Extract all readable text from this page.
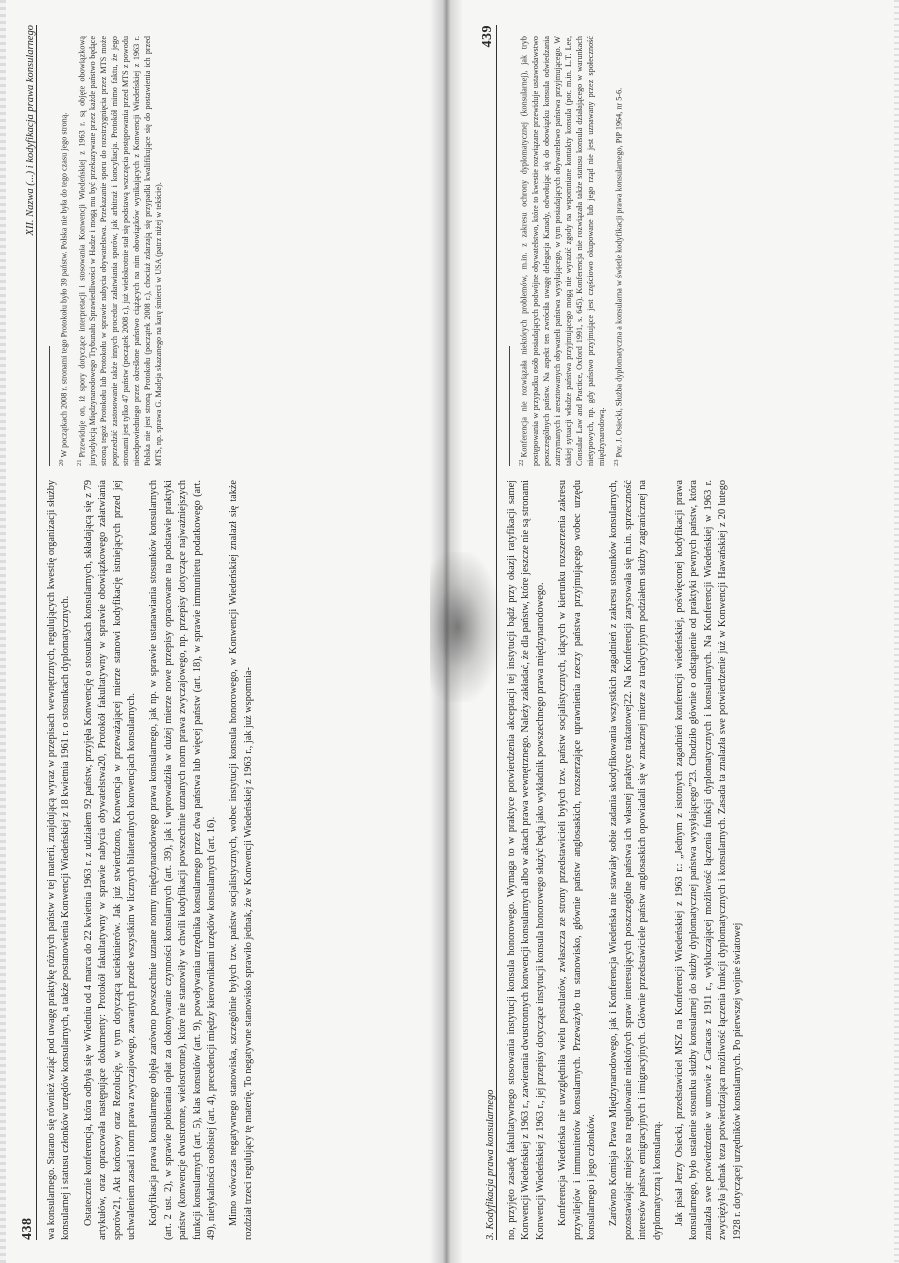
438
XII. Nazwa (...) i kodyfikacja prawa konsularnego

wa konsularnego. Starano się również wziąć pod uwagę praktykę różnych państw w tej materii, znajdującą wyraz w przepisach wewnętrznych, regulujących kwestię organizacji służby konsularnej i statusu członków urzędów konsularnych, a także postanowienia Konwencji Wiedeńskiej z 18 kwietnia 1961 r. o stosunkach dyplomatycznych. Ostatecznie konferencja, która odbyła się w Wiedniu od 4 marca do 22 kwietnia 1963 r. z udziałem 92 państw, przyjęła Konwencję o stosunkach konsularnych, składającą się z 79 artykułów, oraz opracowała następujące dokumenty: Protokół fakultatywny w sprawie nabycia obywatelstwa20, Protokół fakultatywny w sprawie obowiązkowego załatwiania sporów21, Akt końcowy oraz Rezolucję, w tym dotyczącą uciekinierów. Jak już stwierdzono, Konwencja w przeważającej mierze stanowi kodyfikację istniejących przed jej uchwaleniem zasad i norm prawa zwyczajowego, zawartych przede wszystkim w licznych bilateralnych konwencjach konsularnych. Kodyfikacja prawa konsularnego objęła zarówno powszechnie uznane normy międzynarodowego prawa konsularnego, jak np. w sprawie ustanawiania stosunków konsularnych (art. 2 ust. 2), w sprawie pobierania opłat za dokonywanie czynności konsularnych (art. 39), jak i wprowadziła w dużej mierze nowe przepisy opracowane na podstawie praktyki państw (konwencje dwustronne, wielostronne), które nie stanowiły w chwili kodyfikacji powszechnie uznanych norm prawa zwyczajowego, np. przepisy dotyczące najważniejszych funkcji konsularnych (art. 5), klas konsulów (art. 9), powoływania urzędnika konsularnego przez dwa państwa lub więcej państw (art. 18), w sprawie immunitetu podatkowego (art. 49), nietykalności osobistej (art. 4), precedencji między kierownikami urzędów konsularnych (art. 16). Mimo wówczas negatywnego stanowiska, szczególnie byłych tzw. państw socjalistycznych, wobec instytucji konsula honorowego, w Konwencji Wiedeńskiej znalazł się także rozdział trzeci regulujący tę materię. To negatywne stanowisko sprawiło jednak, że w Konwencji Wiedeńskiej z 1963 r., jak już wspomnia-

$^{20}$W początkach 2008 r. stronami tego Protokołu było 39 państw. Polska nie była do tego czasu jego stroną.

$^{21}$Przewiduje on, iż spory dotyczące interpretacji i stosowania Konwencji Wiedeńskiej z 1963 r. są objęte obowiązkową jurysdykcją Międzynarodowego Trybunału Sprawiedliwości w Hadze i mogą mu być przekazywane przez każde państwo będące stroną tegoż Protokołu lub Protokołu w sprawie nabycia obywatelstwa. Przekazanie sporu do rozstrzygnięcia przez MTS może poprzedzić zastosowanie także innych procedur załatwiania sporów, jak arbitraż i koncyliacja. Protokół mimo faktu, że jego stronami jest tylko 47 państw (początek 2008 r.), już wielokrotnie stał się podstawą wszczęcia postępowania przed MTS z powodu nieodpowiedniego przez określone państwo ciążących na nim obowiązków wynikających z Konwencji Wiedeńskiej z 1963 r. Polska nie jest stroną Protokołu (początek 2008 r.), chociaż zdarzają się przypadki kwalifikujące się do postawienia ich przed MTS, np. sprawa G. Madeja skazanego na karę śmierci w USA (patrz niżej w tekście).

3. Kodyfikacja prawa konsularnego
439

no, przyjęto zasadę fakultatywnego stosowania instytucji konsula honorowego. Wymaga to w praktyce potwierdzenia akceptacji tej instytucji bądź przy okazji ratyfikacji samej Konwencji Wiedeńskiej z 1963 r., zawierania dwustronnych konwencji konsularnych albo w aktach prawa wewnętrznego. Należy zakładać, że dla państw, które jeszcze nie są stronami Konwencji Wiedeńskiej z 1963 r., jej przepisy dotyczące instytucji konsula honorowego służyć będą jako wykładnik powszechnego prawa międzynarodowego. Konferencja Wiedeńska nie uwzględniła wielu postulatów, zwłaszcza ze strony przedstawicieli byłych tzw. państw socjalistycznych, idących w kierunku rozszerzenia zakresu przywilejów i immunitetów konsularnych. Przeważyło tu stanowisko, głównie państw anglosaskich, rozszerzające uprawnienia rzeczy państwa przyjmującego wobec urzędu konsularnego i jego członków. Zarówno Komisja Prawa Międzynarodowego, jak i Konferencja Wiedeńska nie stawiały sobie zadania skodyfikowania wszystkich zagadnień z zakresu stosunków konsularnych, pozostawiając miejsce na regulowanie niektórych spraw interesujących poszczególne państwa ich własnej praktyce traktatowej22. Na Konferencji zarysowała się m.in. sprzeczność interesów państw emigracyjnych i imigracyjnych. Głównie przedstawiciele państw anglosaskich opowiadali się w znacznej mierze za tradycyjnym podziałem służby zagranicznej na dyplomatyczną i konsularną. Jak pisał Jerzy Osiecki, przedstawiciel MSZ na Konferencji Wiedeńskiej z 1963 r.: „Jednym z istotnych zagadnień konferencji wiedeńskiej, poświęconej kodyfikacji prawa konsularnego, było ustalenie stosunku służby konsularnej do służby dyplomatycznej państwa wysyłającego”23. Chodziło głównie o odstąpienie od praktyki pewnych państw, która znalazła swe potwierdzenie w umowie z Caracas z 1911 r., wykluczającej możliwość łączenia funkcji dyplomatycznych i konsularnych. Na Konferencji Wiedeńskiej w 1963 r. zwyciężyła jednak teza potwierdzająca możliwość łączenia funkcji dyplomatycznych i konsularnych. Zasada ta znalazła swe potwierdzenie już w Konwencji Hawańskiej z 20 lutego 1928 r. dotyczącej urzędników konsularnych. Po pierwszej wojnie światowej

$^{22}$Konferencja nie rozwiązała niektórych problemów, m.in. z zakresu ochrony dyplomatycznej (konsularnej), jak tryb postępowania w przypadku osób posiadających podwójne obywatelstwo, które to kwestie rozwiązane przewiduje ustawodawstwo poszczególnych państw. Na aspekt ten zwróciła uwagę delegacja Kanady, odwołując się do obowiązku konsula odwiedzania zatrzymanych i aresztowanych obywateli państwa wysyłającego, w tym posiadających obywatelstwo państwa przyjmującego. W takiej sytuacji władze państwa przyjmującego mogą nie wyrazić zgody na wspomniane kontakty konsula (por. m.in. L.T. Lee, Consular Law and Practice, Oxford 1991, s. 645). Konferencja nie rozwiązała także statusu konsula działającego w warunkach nietypowych, np. gdy państwo przyjmujące jest częściowo okupowane lub jego rząd nie jest uznawany przez społeczność międzynarodową.	$^{23}$Por. J. Osiecki, Służba dyplomatyczna a konsularna w świetle kodyfikacji prawa konsularnego, PiP 1964, nr 5-6.
